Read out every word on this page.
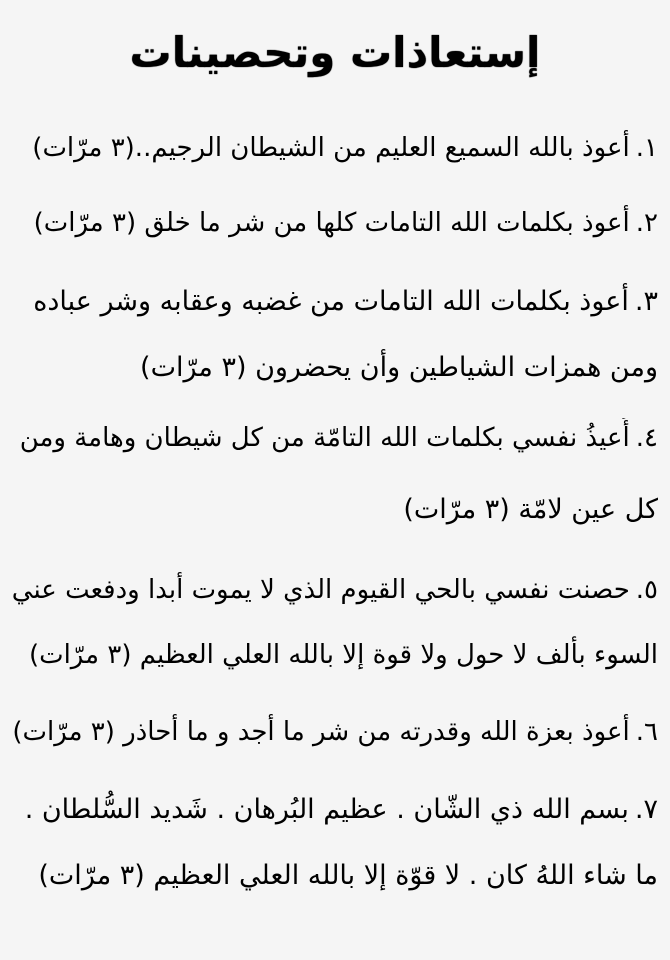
إستعاذات وتحصينات
١.أعوذ بالله السميع العليم من الشيطان الرجيم..(٣ مرّات)
٢.أعوذ بكلمات الله التامات كلها من شر ما خلق (٣ مرّات)
٣.أعوذ بكلمات الله التامات من غضبه وعقابه وشر عباده
ومن همزات الشياطين وأن يحضرون (٣ مرّات)
٤.أُعيذُ نفسي بكلمات الله التامّة من كل شيطان وهامة ومن
كل عين لامّة (٣ مرّات)
٥.حصنت نفسي بالحي القيوم الذي لا يموت أبدا ودفعت عني
السوء بألف لا حول ولا قوة إلا بالله العلي العظيم (٣ مرّات)
٦.أعوذ بعزة الله وقدرته من شر ما أجد و ما أحاذر (٣ مرّات)
٧.بسم الله ذي الشّان . عظيم البُرهان . شَديد السُّلطان .
ما شاء اللهُ كان . لا قوّة إلا بالله العلي العظيم (٣ مرّات)
